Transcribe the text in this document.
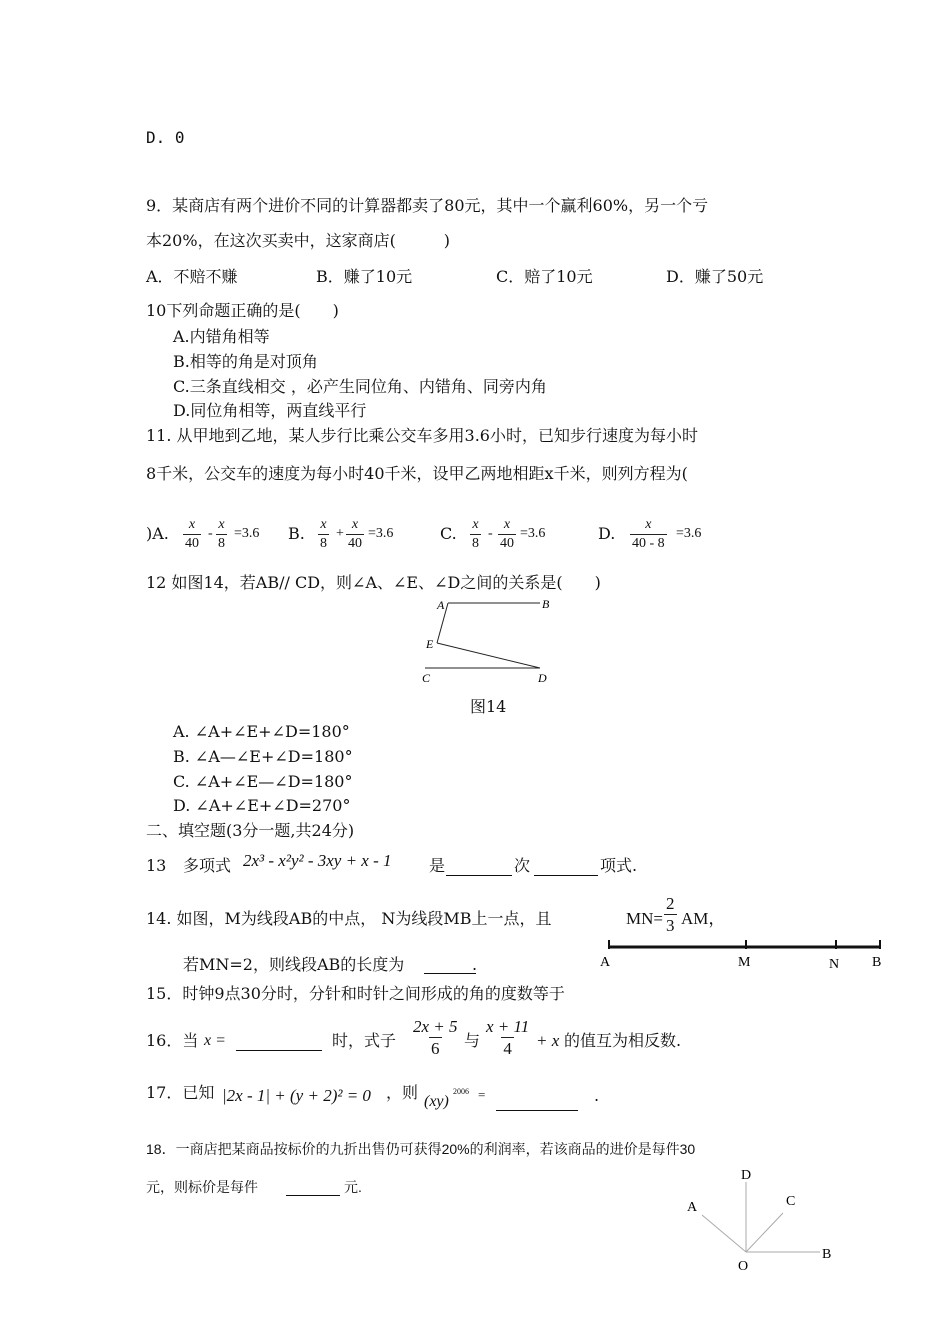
D. 0
9．某商店有两个进价不同的计算器都卖了80元，其中一个赢利60%，另一个亏
本20%，在这次买卖中，这家商店(　　　)
A．不赔不赚	B．赚了10元	C．赔了10元	D．赚了50元
10下列命题正确的是(　　)
A.内错角相等
B.相等的角是对顶角
C.三条直线相交 ，必产生同位角、内错角、同旁内角
D.同位角相等，两直线平行
11. 从甲地到乙地，某人步行比乘公交车多用3.6小时，已知步行速度为每小时
8千米，公交车的速度为每小时40千米，设甲乙两地相距x千米，则列方程为(
)A. $\frac{x}{40} - \frac{x}{8} =3.6$ B. $\frac{x}{8} + \frac{x}{40} =3.6$	C. $\frac{x}{8} - \frac{x}{40} =3.6$	D. $\frac{x}{40 - 8} =3.6$
12 如图14，若AB// CD，则∠A、∠E、∠D之间的关系是(　　)
A	B
E
C	D
图14
A. ∠A+∠E+∠D=180°
B. ∠A—∠E+∠D=180°
C. ∠A+∠E—∠D=180°
D. ∠A+∠E+∠D=270°
二、填空题(3分一题,共24分)
13 多项式 2x³ - x²y² - 3xy + x - 1 是	次	项式.
14. 如图，M为线段AB的中点， N为线段MB上一点，且	$MN= \frac{2}{3}$ AM，
若MN=2，则线段AB的长度为	.	A	M	N B
15．时钟9点30分时，分针和时针之间形成的角的度数等于
16．当 x =	时，式子 $\frac{2x + 5}{6}$ 与 $\frac{x + 11}{4} + x$ 的值互为相反数.
17．已知 |2x - 1| + (y + 2)² = 0 ，则 (xy)
2006 =	.
18．一商店把某商品按标价的九折出售仍可获得20%的利润率，若该商品的进价是每件30
元，则标价是每件	元.
D
C
A
B
O
